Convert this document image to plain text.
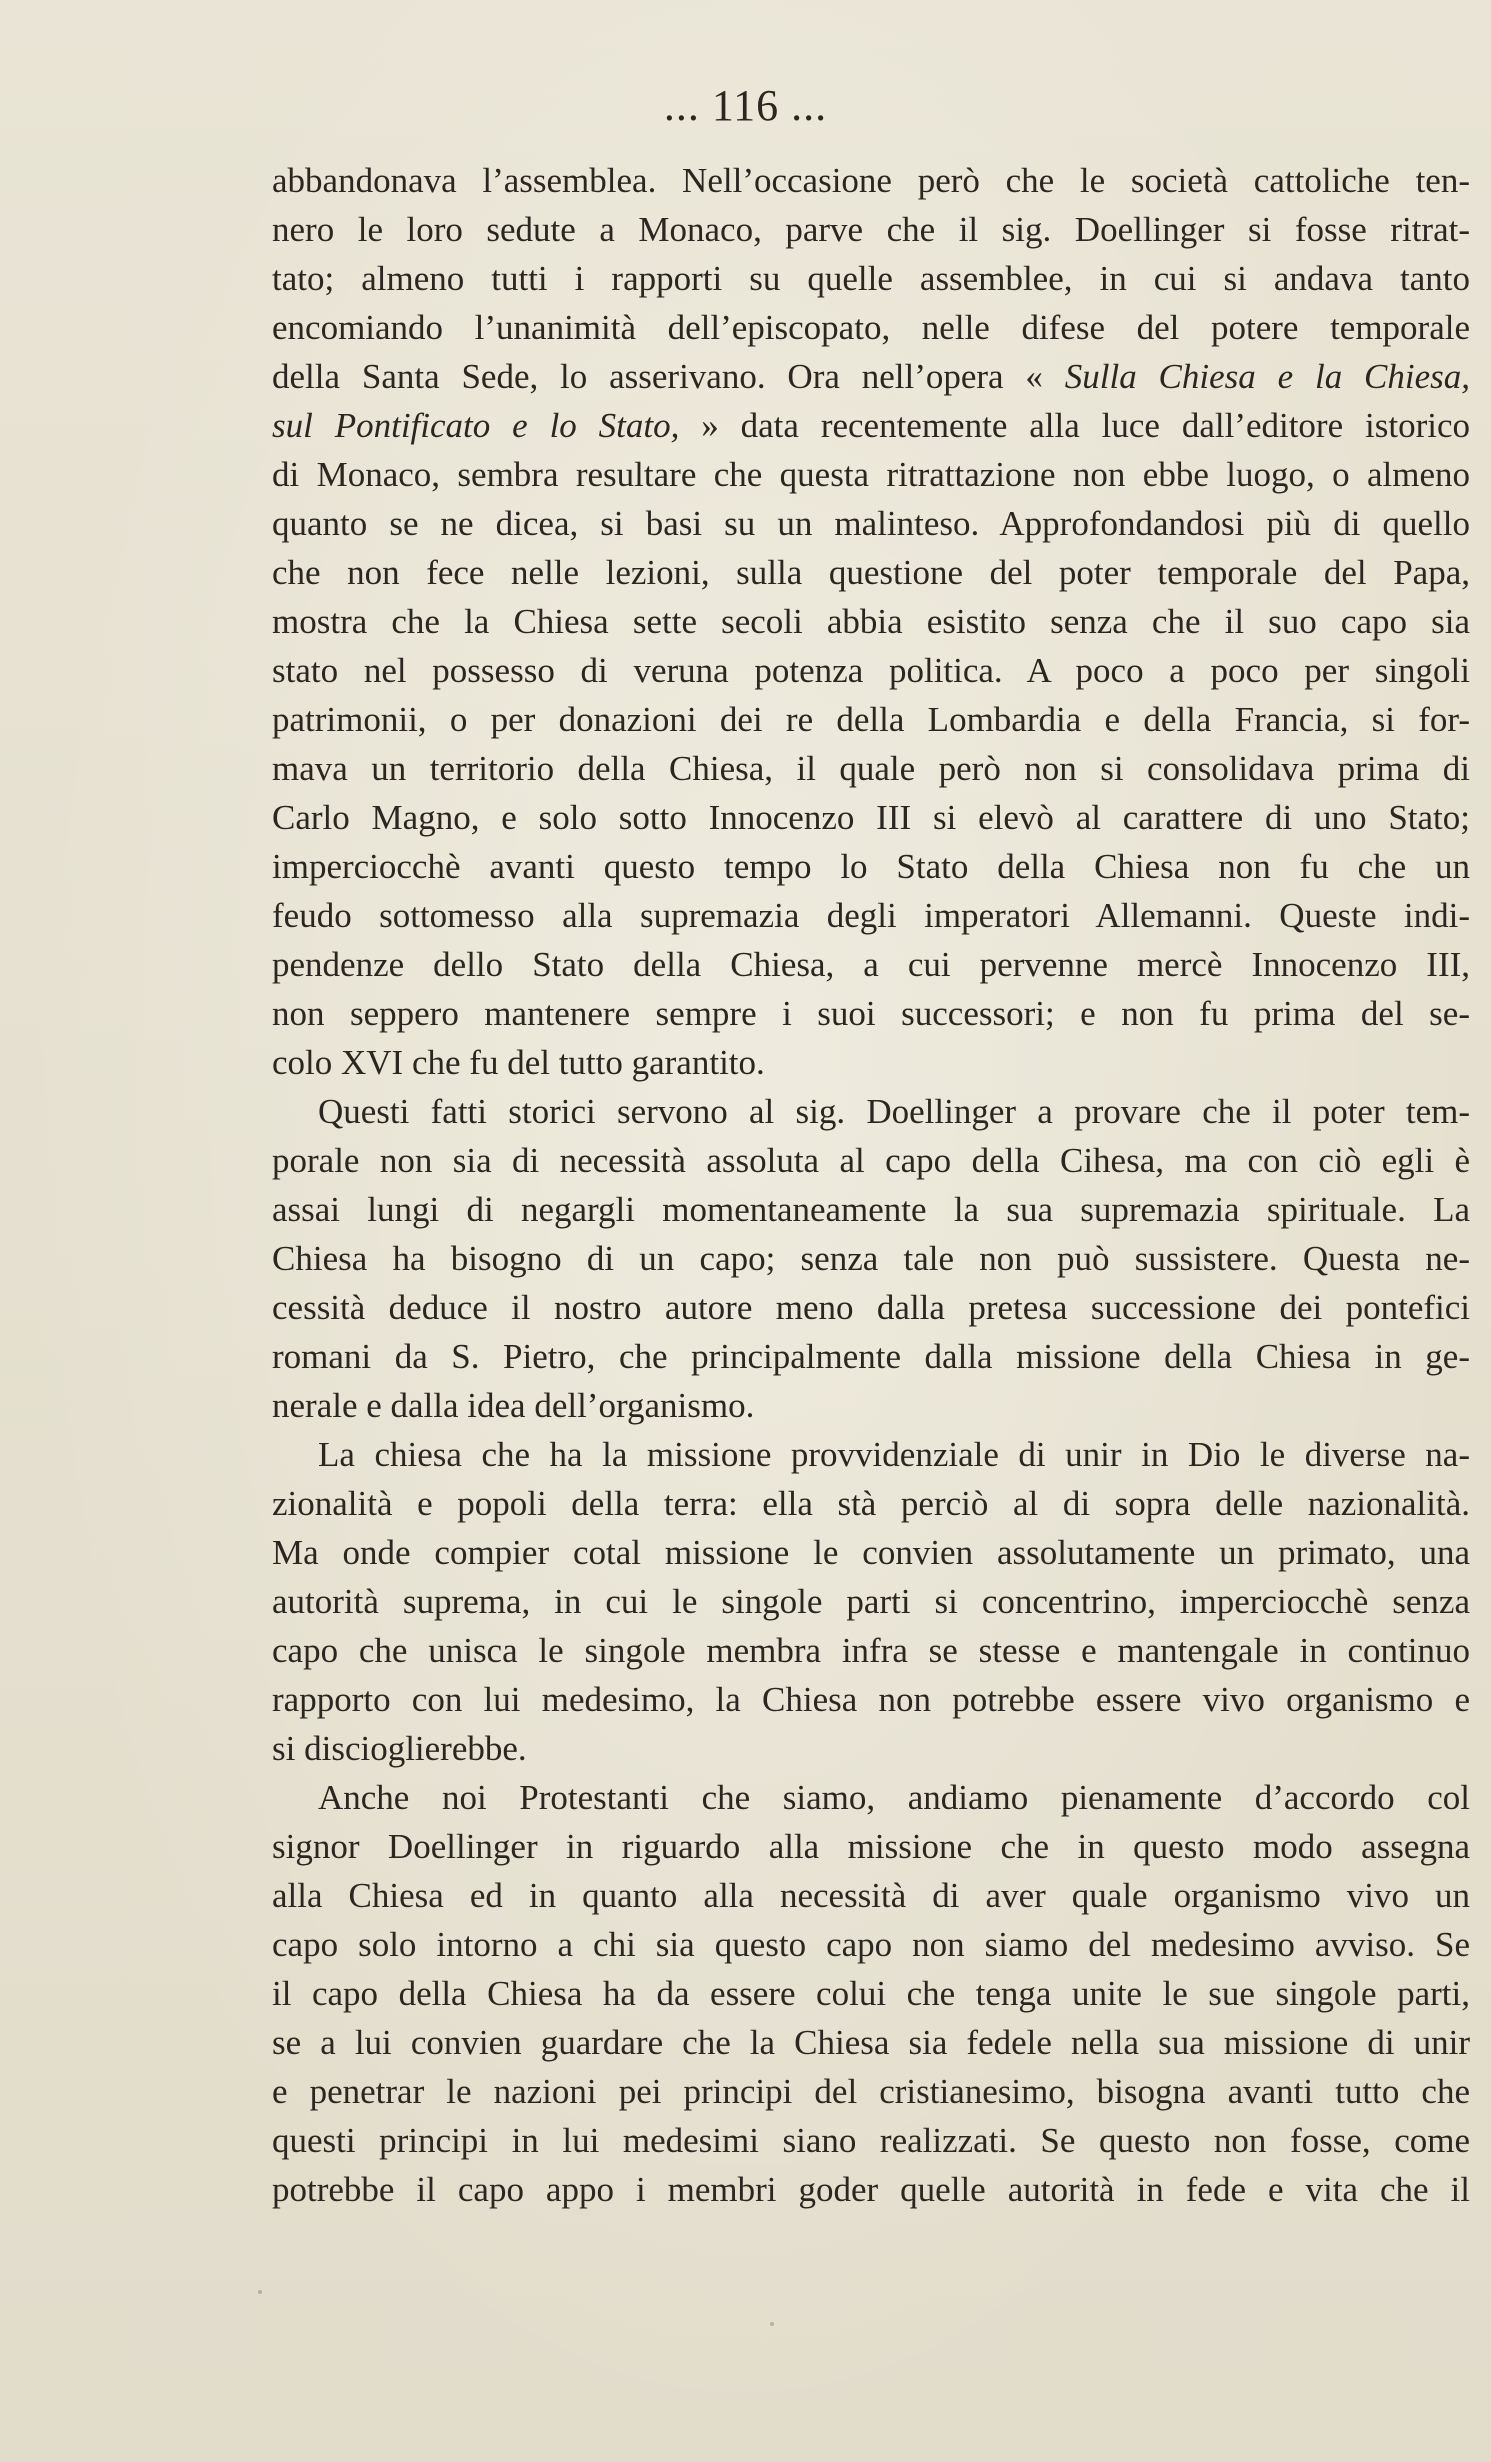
... 116 ...
abbandonava l’assemblea. Nell’occasione però che le società cattoliche ten-
nero le loro sedute a Monaco, parve che il sig. Doellinger si fosse ritrat-
tato; almeno tutti i rapporti su quelle assemblee, in cui si andava tanto
encomiando l’unanimità dell’episcopato, nelle difese del potere temporale
della Santa Sede, lo asserivano. Ora nell’opera « Sulla Chiesa e la Chiesa,
sul Pontificato e lo Stato, » data recentemente alla luce dall’editore istorico
di Monaco, sembra resultare che questa ritrattazione non ebbe luogo, o almeno
quanto se ne dicea, si basi su un malinteso. Approfondandosi più di quello
che non fece nelle lezioni, sulla questione del poter temporale del Papa,
mostra che la Chiesa sette secoli abbia esistito senza che il suo capo sia
stato nel possesso di veruna potenza politica. A poco a poco per singoli
patrimonii, o per donazioni dei re della Lombardia e della Francia, si for-
mava un territorio della Chiesa, il quale però non si consolidava prima di
Carlo Magno, e solo sotto Innocenzo III si elevò al carattere di uno Stato;
imperciocchè avanti questo tempo lo Stato della Chiesa non fu che un
feudo sottomesso alla supremazia degli imperatori Allemanni. Queste indi-
pendenze dello Stato della Chiesa, a cui pervenne mercè Innocenzo III,
non seppero mantenere sempre i suoi successori; e non fu prima del se-
colo XVI che fu del tutto garantito.
Questi fatti storici servono al sig. Doellinger a provare che il poter tem-
porale non sia di necessità assoluta al capo della Cihesa, ma con ciò egli è
assai lungi di negargli momentaneamente la sua supremazia spirituale. La
Chiesa ha bisogno di un capo; senza tale non può sussistere. Questa ne-
cessità deduce il nostro autore meno dalla pretesa successione dei pontefici
romani da S. Pietro, che principalmente dalla missione della Chiesa in ge-
nerale e dalla idea dell’organismo.
La chiesa che ha la missione provvidenziale di unir in Dio le diverse na-
zionalità e popoli della terra: ella stà perciò al di sopra delle nazionalità.
Ma onde compier cotal missione le convien assolutamente un primato, una
autorità suprema, in cui le singole parti si concentrino, imperciocchè senza
capo che unisca le singole membra infra se stesse e mantengale in continuo
rapporto con lui medesimo, la Chiesa non potrebbe essere vivo organismo e
si discioglierebbe.
Anche noi Protestanti che siamo, andiamo pienamente d’accordo col
signor Doellinger in riguardo alla missione che in questo modo assegna
alla Chiesa ed in quanto alla necessità di aver quale organismo vivo un
capo solo intorno a chi sia questo capo non siamo del medesimo avviso. Se
il capo della Chiesa ha da essere colui che tenga unite le sue singole parti,
se a lui convien guardare che la Chiesa sia fedele nella sua missione di unir
e penetrar le nazioni pei principi del cristianesimo, bisogna avanti tutto che
questi principi in lui medesimi siano realizzati. Se questo non fosse, come
potrebbe il capo appo i membri goder quelle autorità in fede e vita che il
